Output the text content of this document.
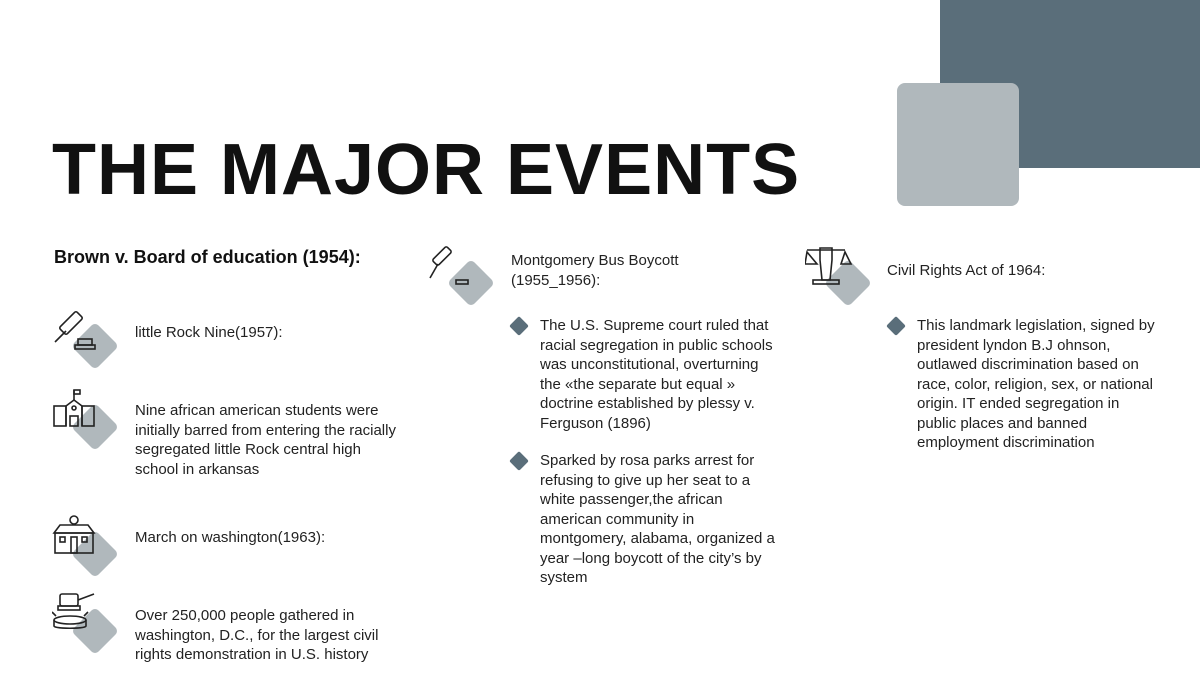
THE MAJOR EVENTS
Brown v. Board of education (1954):
little Rock Nine(1957):
Nine african american students were initially barred from entering the racially segregated little Rock central high school in arkansas
March on washington(1963):
Over 250,000 people gathered in washington, D.C., for the largest civil rights demonstration in U.S. history
Montgomery Bus Boycott (1955_1956):
The U.S. Supreme court ruled that racial segregation in public schools was unconstitutional, overturning the «the separate but equal » doctrine established by plessy v. Ferguson (1896)
Sparked by rosa parks arrest for refusing to give up her seat to a white passenger,the african american community in montgomery, alabama, organized a year –long boycott of the city’s by system
Civil Rights Act of 1964:
This landmark legislation, signed by president lyndon B.J ohnson, outlawed discrimination based on race, color, religion, sex, or national origin. IT ended segregation in public places and banned employment discrimination
